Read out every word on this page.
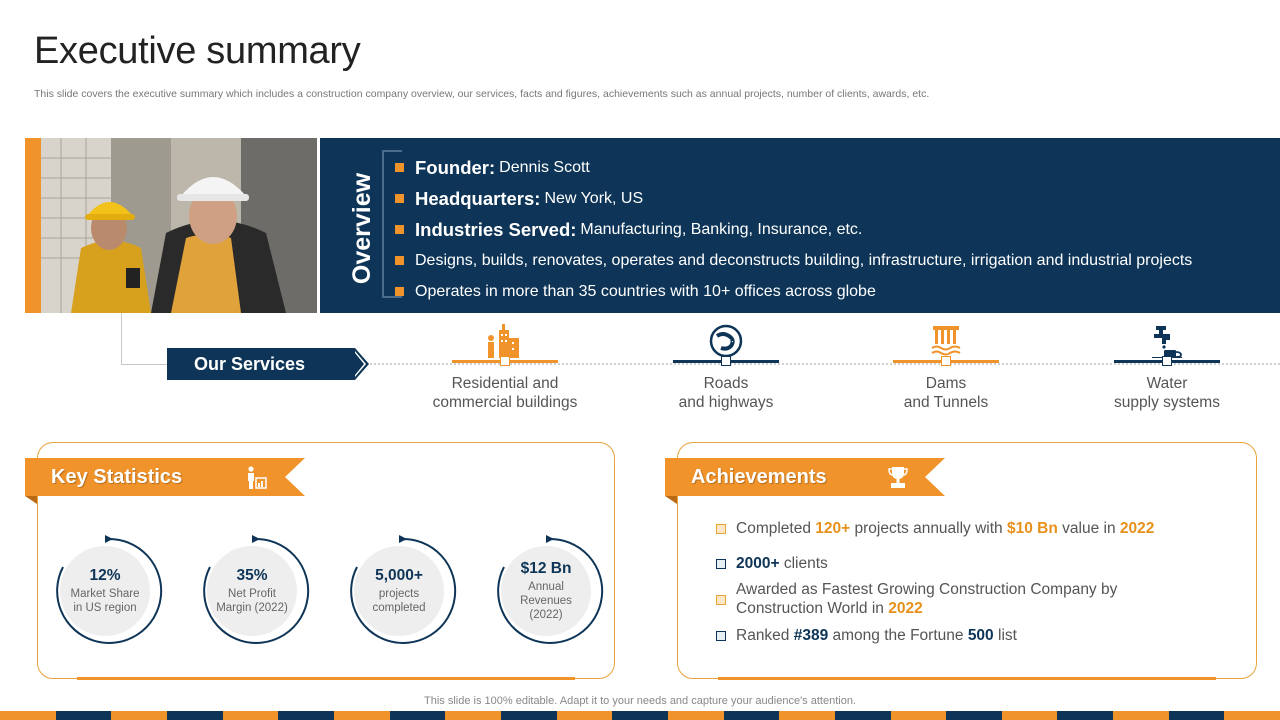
Executive summary
This slide covers the executive summary which includes a construction company overview, our services, facts and figures, achievements such as annual projects, number of clients, awards, etc.
Overview
Founder: Dennis Scott
Headquarters: New York, US
Industries Served: Manufacturing, Banking, Insurance, etc.
Designs, builds, renovates, operates and deconstructs building, infrastructure, irrigation and industrial projects
Operates in more than 35 countries with 10+ offices across globe
Our Services
Residential and
commercial buildings
Roads
and highways
Dams
and Tunnels
Water
supply systems
Key Statistics
12%
Market Share
in US region
35%
Net Profit
Margin (2022)
5,000+
projects
completed
$12 Bn
Annual
Revenues
(2022)
Achievements
Completed 120+ projects annually with $10 Bn value in 2022
2000+ clients
Awarded as Fastest Growing Construction Company by
Construction World in 2022
Ranked #389 among the Fortune 500 list
This slide is 100% editable. Adapt it to your needs and capture your audience's attention.
